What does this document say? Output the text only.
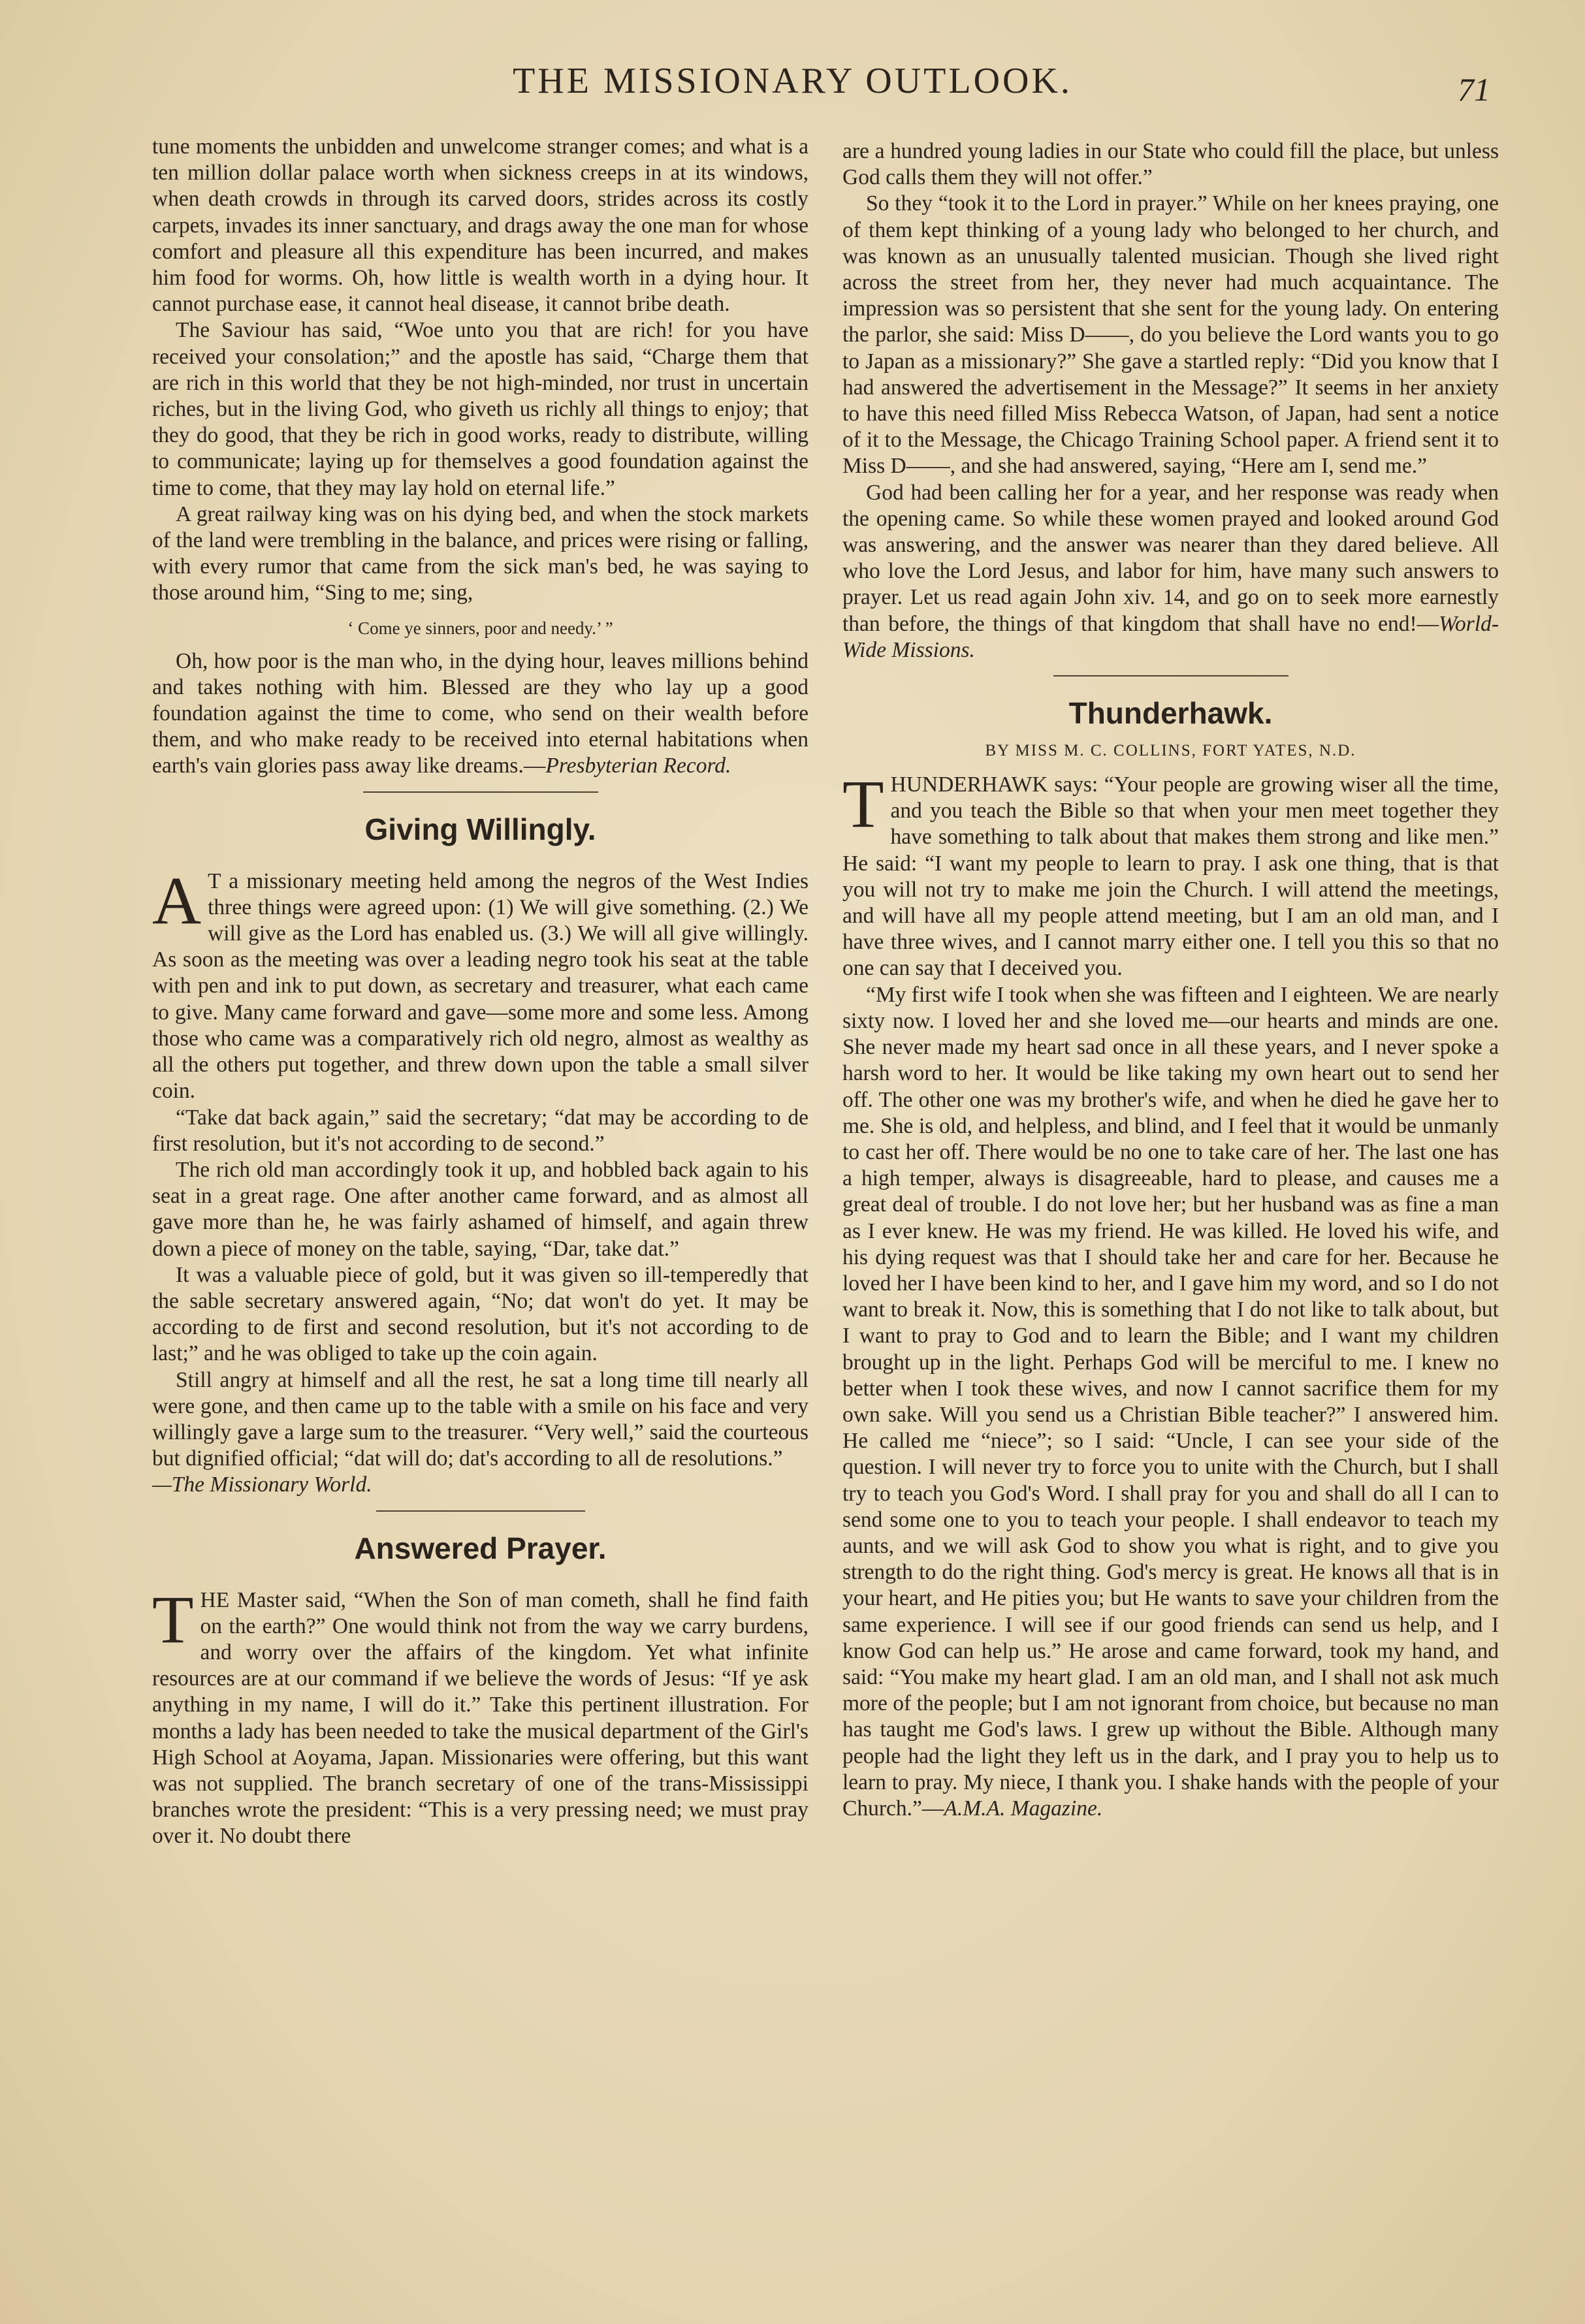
THE MISSIONARY OUTLOOK.	71

tune moments the unbidden and unwelcome stranger comes; and what is a ten million dollar palace worth when sickness creeps in at its windows, when death crowds in through its carved doors, strides across its costly carpets, invades its inner sanctuary, and drags away the one man for whose comfort and pleasure all this expenditure has been incurred, and makes him food for worms. Oh, how little is wealth worth in a dying hour. It cannot purchase ease, it cannot heal disease, it cannot bribe death.

The Saviour has said, “Woe unto you that are rich! for you have received your consolation;” and the apostle has said, “Charge them that are rich in this world that they be not high-minded, nor trust in uncertain riches, but in the living God, who giveth us richly all things to enjoy; that they do good, that they be rich in good works, ready to distribute, willing to communicate; laying up for themselves a good foundation against the time to come, that they may lay hold on eternal life.”

A great railway king was on his dying bed, and when the stock markets of the land were trembling in the balance, and prices were rising or falling, with every rumor that came from the sick man's bed, he was saying to those around him, “Sing to me; sing,

‘ Come ye sinners, poor and needy.’ ”

Oh, how poor is the man who, in the dying hour, leaves millions behind and takes nothing with him. Blessed are they who lay up a good foundation against the time to come, who send on their wealth before them, and who make ready to be received into eternal habitations when earth's vain glories pass away like dreams.—Presbyterian Record.

Giving Willingly.

A T a missionary meeting held among the negros of the West Indies three things were agreed upon: (1) We will give something. (2.) We will give as the Lord has enabled us. (3.) We will all give willingly. As soon as the meeting was over a leading negro took his seat at the table with pen and ink to put down, as secretary and treasurer, what each came to give. Many came forward and gave—some more and some less. Among those who came was a comparatively rich old negro, almost as wealthy as all the others put together, and threw down upon the table a small silver coin.

“Take dat back again,” said the secretary; “dat may be according to de first resolution, but it's not according to de second.”

The rich old man accordingly took it up, and hobbled back again to his seat in a great rage. One after another came forward, and as almost all gave more than he, he was fairly ashamed of himself, and again threw down a piece of money on the table, saying, “Dar, take dat.”

It was a valuable piece of gold, but it was given so ill-temperedly that the sable secretary answered again, “No; dat won't do yet. It may be according to de first and second resolution, but it's not according to de last;” and he was obliged to take up the coin again.

Still angry at himself and all the rest, he sat a long time till nearly all were gone, and then came up to the table with a smile on his face and very willingly gave a large sum to the treasurer. “Very well,” said the courteous but dignified official; “dat will do; dat's according to all de resolutions.”

—The Missionary World.

Answered Prayer.

THE Master said, “When the Son of man cometh, shall he find faith on the earth?” One would think not from the way we carry burdens, and worry over the affairs of the kingdom. Yet what infinite resources are at our command if we believe the words of Jesus: “If ye ask anything in my name, I will do it.” Take this pertinent illustration. For months a lady has been needed to take the musical department of the Girl's High School at Aoyama, Japan. Missionaries were offering, but this want was not supplied. The branch secretary of one of the trans-Mississippi branches wrote the president: “This is a very pressing need; we must pray over it. No doubt there

are a hundred young ladies in our State who could fill the place, but unless God calls them they will not offer.”

So they “took it to the Lord in prayer.” While on her knees praying, one of them kept thinking of a young lady who belonged to her church, and was known as an unusually talented musician. Though she lived right across the street from her, they never had much acquaintance. The impression was so persistent that she sent for the young lady. On entering the parlor, she said: Miss D——, do you believe the Lord wants you to go to Japan as a missionary?” She gave a startled reply: “Did you know that I had answered the advertisement in the Message?” It seems in her anxiety to have this need filled Miss Rebecca Watson, of Japan, had sent a notice of it to the Message, the Chicago Training School paper. A friend sent it to Miss D——, and she had answered, saying, “Here am I, send me.”

God had been calling her for a year, and her response was ready when the opening came. So while these women prayed and looked around God was answering, and the answer was nearer than they dared believe. All who love the Lord Jesus, and labor for him, have many such answers to prayer. Let us read again John xiv. 14, and go on to seek more earnestly than before, the things of that kingdom that shall have no end!—World-Wide Missions.

Thunderhawk.
BY MISS M. C. COLLINS, FORT YATES, N.D.

THUNDERHAWK says: “Your people are growing wiser all the time, and you teach the Bible so that when your men meet together they have something to talk about that makes them strong and like men.” He said: “I want my people to learn to pray. I ask one thing, that is that you will not try to make me join the Church. I will attend the meetings, and will have all my people attend meeting, but I am an old man, and I have three wives, and I cannot marry either one. I tell you this so that no one can say that I deceived you.

“My first wife I took when she was fifteen and I eighteen. We are nearly sixty now. I loved her and she loved me—our hearts and minds are one. She never made my heart sad once in all these years, and I never spoke a harsh word to her. It would be like taking my own heart out to send her off. The other one was my brother's wife, and when he died he gave her to me. She is old, and helpless, and blind, and I feel that it would be unmanly to cast her off. There would be no one to take care of her. The last one has a high temper, always is disagreeable, hard to please, and causes me a great deal of trouble. I do not love her; but her husband was as fine a man as I ever knew. He was my friend. He was killed. He loved his wife, and his dying request was that I should take her and care for her. Because he loved her I have been kind to her, and I gave him my word, and so I do not want to break it. Now, this is something that I do not like to talk about, but I want to pray to God and to learn the Bible; and I want my children brought up in the light. Perhaps God will be merciful to me. I knew no better when I took these wives, and now I cannot sacrifice them for my own sake. Will you send us a Christian Bible teacher?” I answered him. He called me “niece”; so I said: “Uncle, I can see your side of the question. I will never try to force you to unite with the Church, but I shall try to teach you God's Word. I shall pray for you and shall do all I can to send some one to you to teach your people. I shall endeavor to teach my aunts, and we will ask God to show you what is right, and to give you strength to do the right thing. God's mercy is great. He knows all that is in your heart, and He pities you; but He wants to save your children from the same experience. I will see if our good friends can send us help, and I know God can help us.” He arose and came forward, took my hand, and said: “You make my heart glad. I am an old man, and I shall not ask much more of the people; but I am not ignorant from choice, but because no man has taught me God's laws. I grew up without the Bible. Although many people had the light they left us in the dark, and I pray you to help us to learn to pray. My niece, I thank you. I shake hands with the people of your Church.”—A.M.A. Magazine.
